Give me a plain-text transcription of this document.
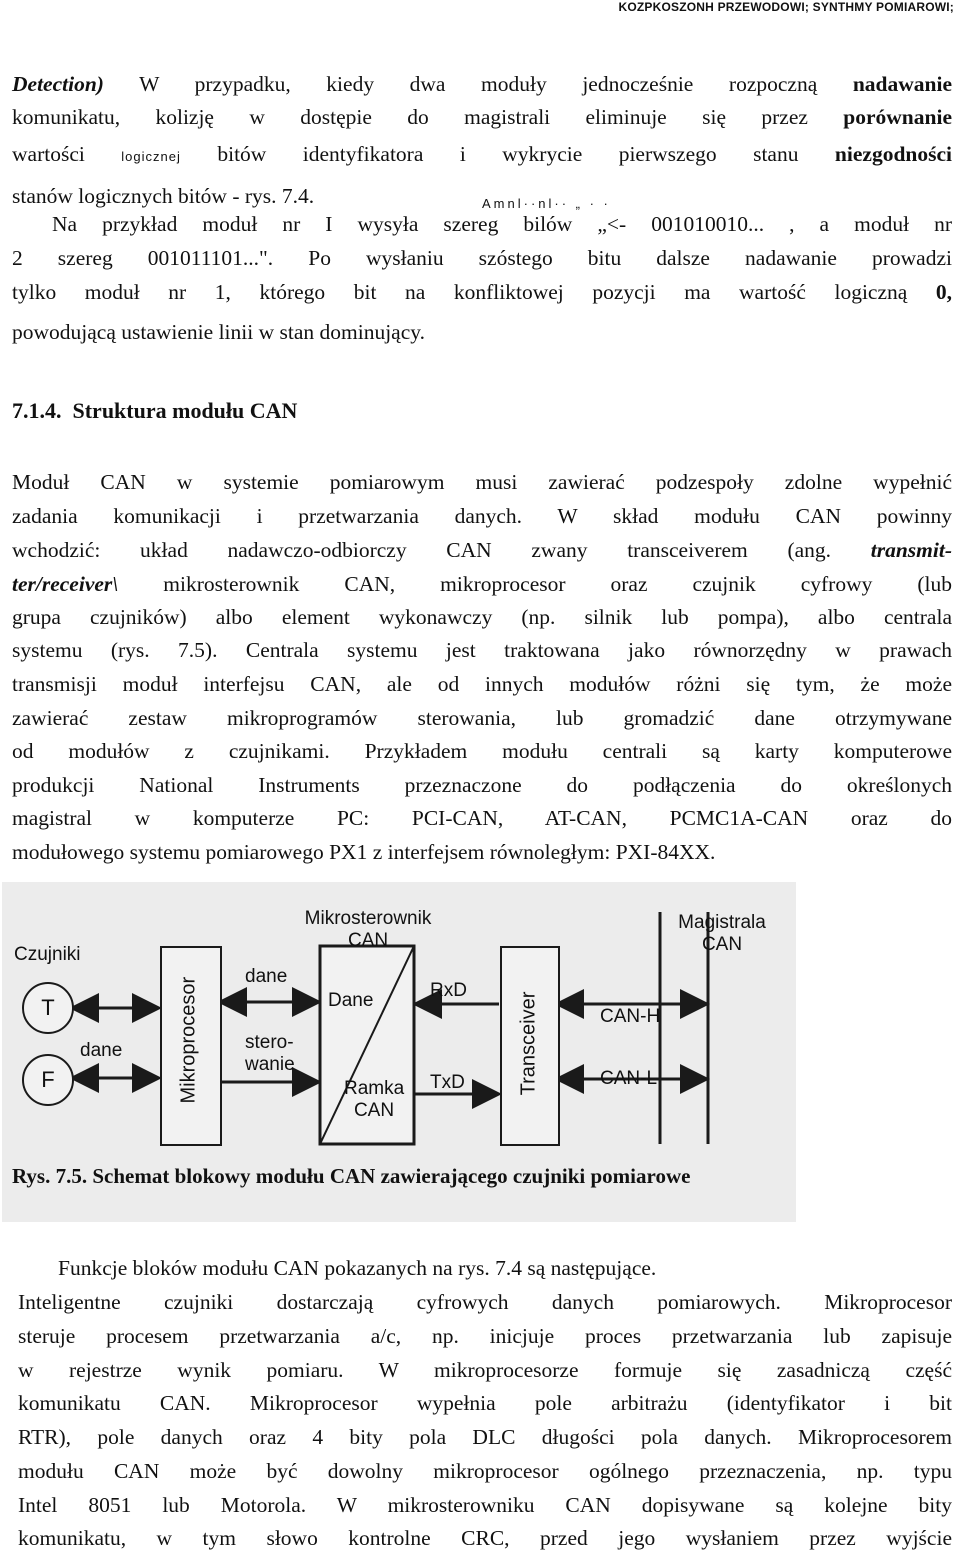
KOZPKOSZONH PRZEWODOWI; SYNTHMY POMIAROWI;
Detection) W przypadku, kiedy dwa moduły jednocześnie rozpoczną nadawanie
komunikatu, kolizję w dostępie do magistrali eliminuje się przez porównanie
wartości logicznej bitów identyfikatora i wykrycie pierwszego stanu niezgodności
stanów logicznych bitów - rys. 7.4.	Amnl··nl·· „ · ·
Na przykład moduł nr I wysyła szereg bilów „<- 001010010... , a moduł nr
2 szereg 001011101...". Po wysłaniu szóstego bitu dalsze nadawanie prowadzi
tylko moduł nr 1, którego bit na konfliktowej pozycji ma wartość logiczną 0,
powodującą ustawienie linii w stan dominujący.
7.1.4. Struktura modułu CAN
Moduł CAN w systemie pomiarowym musi zawierać podzespoły zdolne wypełnić
zadania komunikacji i przetwarzania danych. W skład modułu CAN powinny
wchodzić: układ nadawczo-odbiorczy CAN zwany transceiverem (ang. transmit-
ter/receiver\ mikrosterownik CAN, mikroprocesor oraz czujnik cyfrowy (lub
grupa czujników) albo element wykonawczy (np. silnik lub pompa), albo centrala
systemu (rys. 7.5). Centrala systemu jest traktowana jako równorzędny w prawach
transmisji moduł interfejsu CAN, ale od innych modułów różni się tym, że może
zawierać zestaw mikroprogramów sterowania, lub gromadzić dane otrzymywane
od modułów z czujnikami. Przykładem modułu centrali są karty komputerowe
produkcji National Instruments przeznaczone do podłączenia do określonych
magistral w komputerze PC: PCI-CAN, AT-CAN, PCMC1A-CAN oraz do
modułowego systemu pomiarowego PX1 z interfejsem równoległym: PXI-84XX.
Czujniki
T
dane
F	Mikroprocesor
Mikrosterownik
CAN
dane
stero-
wanie
Dane
Ramka
CAN
RxD
TxD	Transceiver
Magistrala
CAN
CAN-H
CAN-L
Rys. 7.5. Schemat blokowy modułu CAN zawierającego czujniki pomiarowe
Funkcje bloków modułu CAN pokazanych na rys. 7.4 są następujące.
Inteligentne czujniki dostarczają cyfrowych danych pomiarowych. Mikroprocesor
steruje procesem przetwarzania a/c, np. inicjuje proces przetwarzania lub zapisuje
w rejestrze wynik pomiaru. W mikroprocesorze formuje się zasadniczą część
komunikatu CAN. Mikroprocesor wypełnia pole arbitrażu (identyfikator i bit
RTR), pole danych oraz 4 bity pola DLC długości pola danych. Mikroprocesorem
modułu CAN może być dowolny mikroprocesor ogólnego przeznaczenia, np. typu
Intel 8051 lub Motorola. W mikrosterowniku CAN dopisywane są kolejne bity
komunikatu, w tym słowo kontrolne CRC, przed jego wysłaniem przez wyjście
